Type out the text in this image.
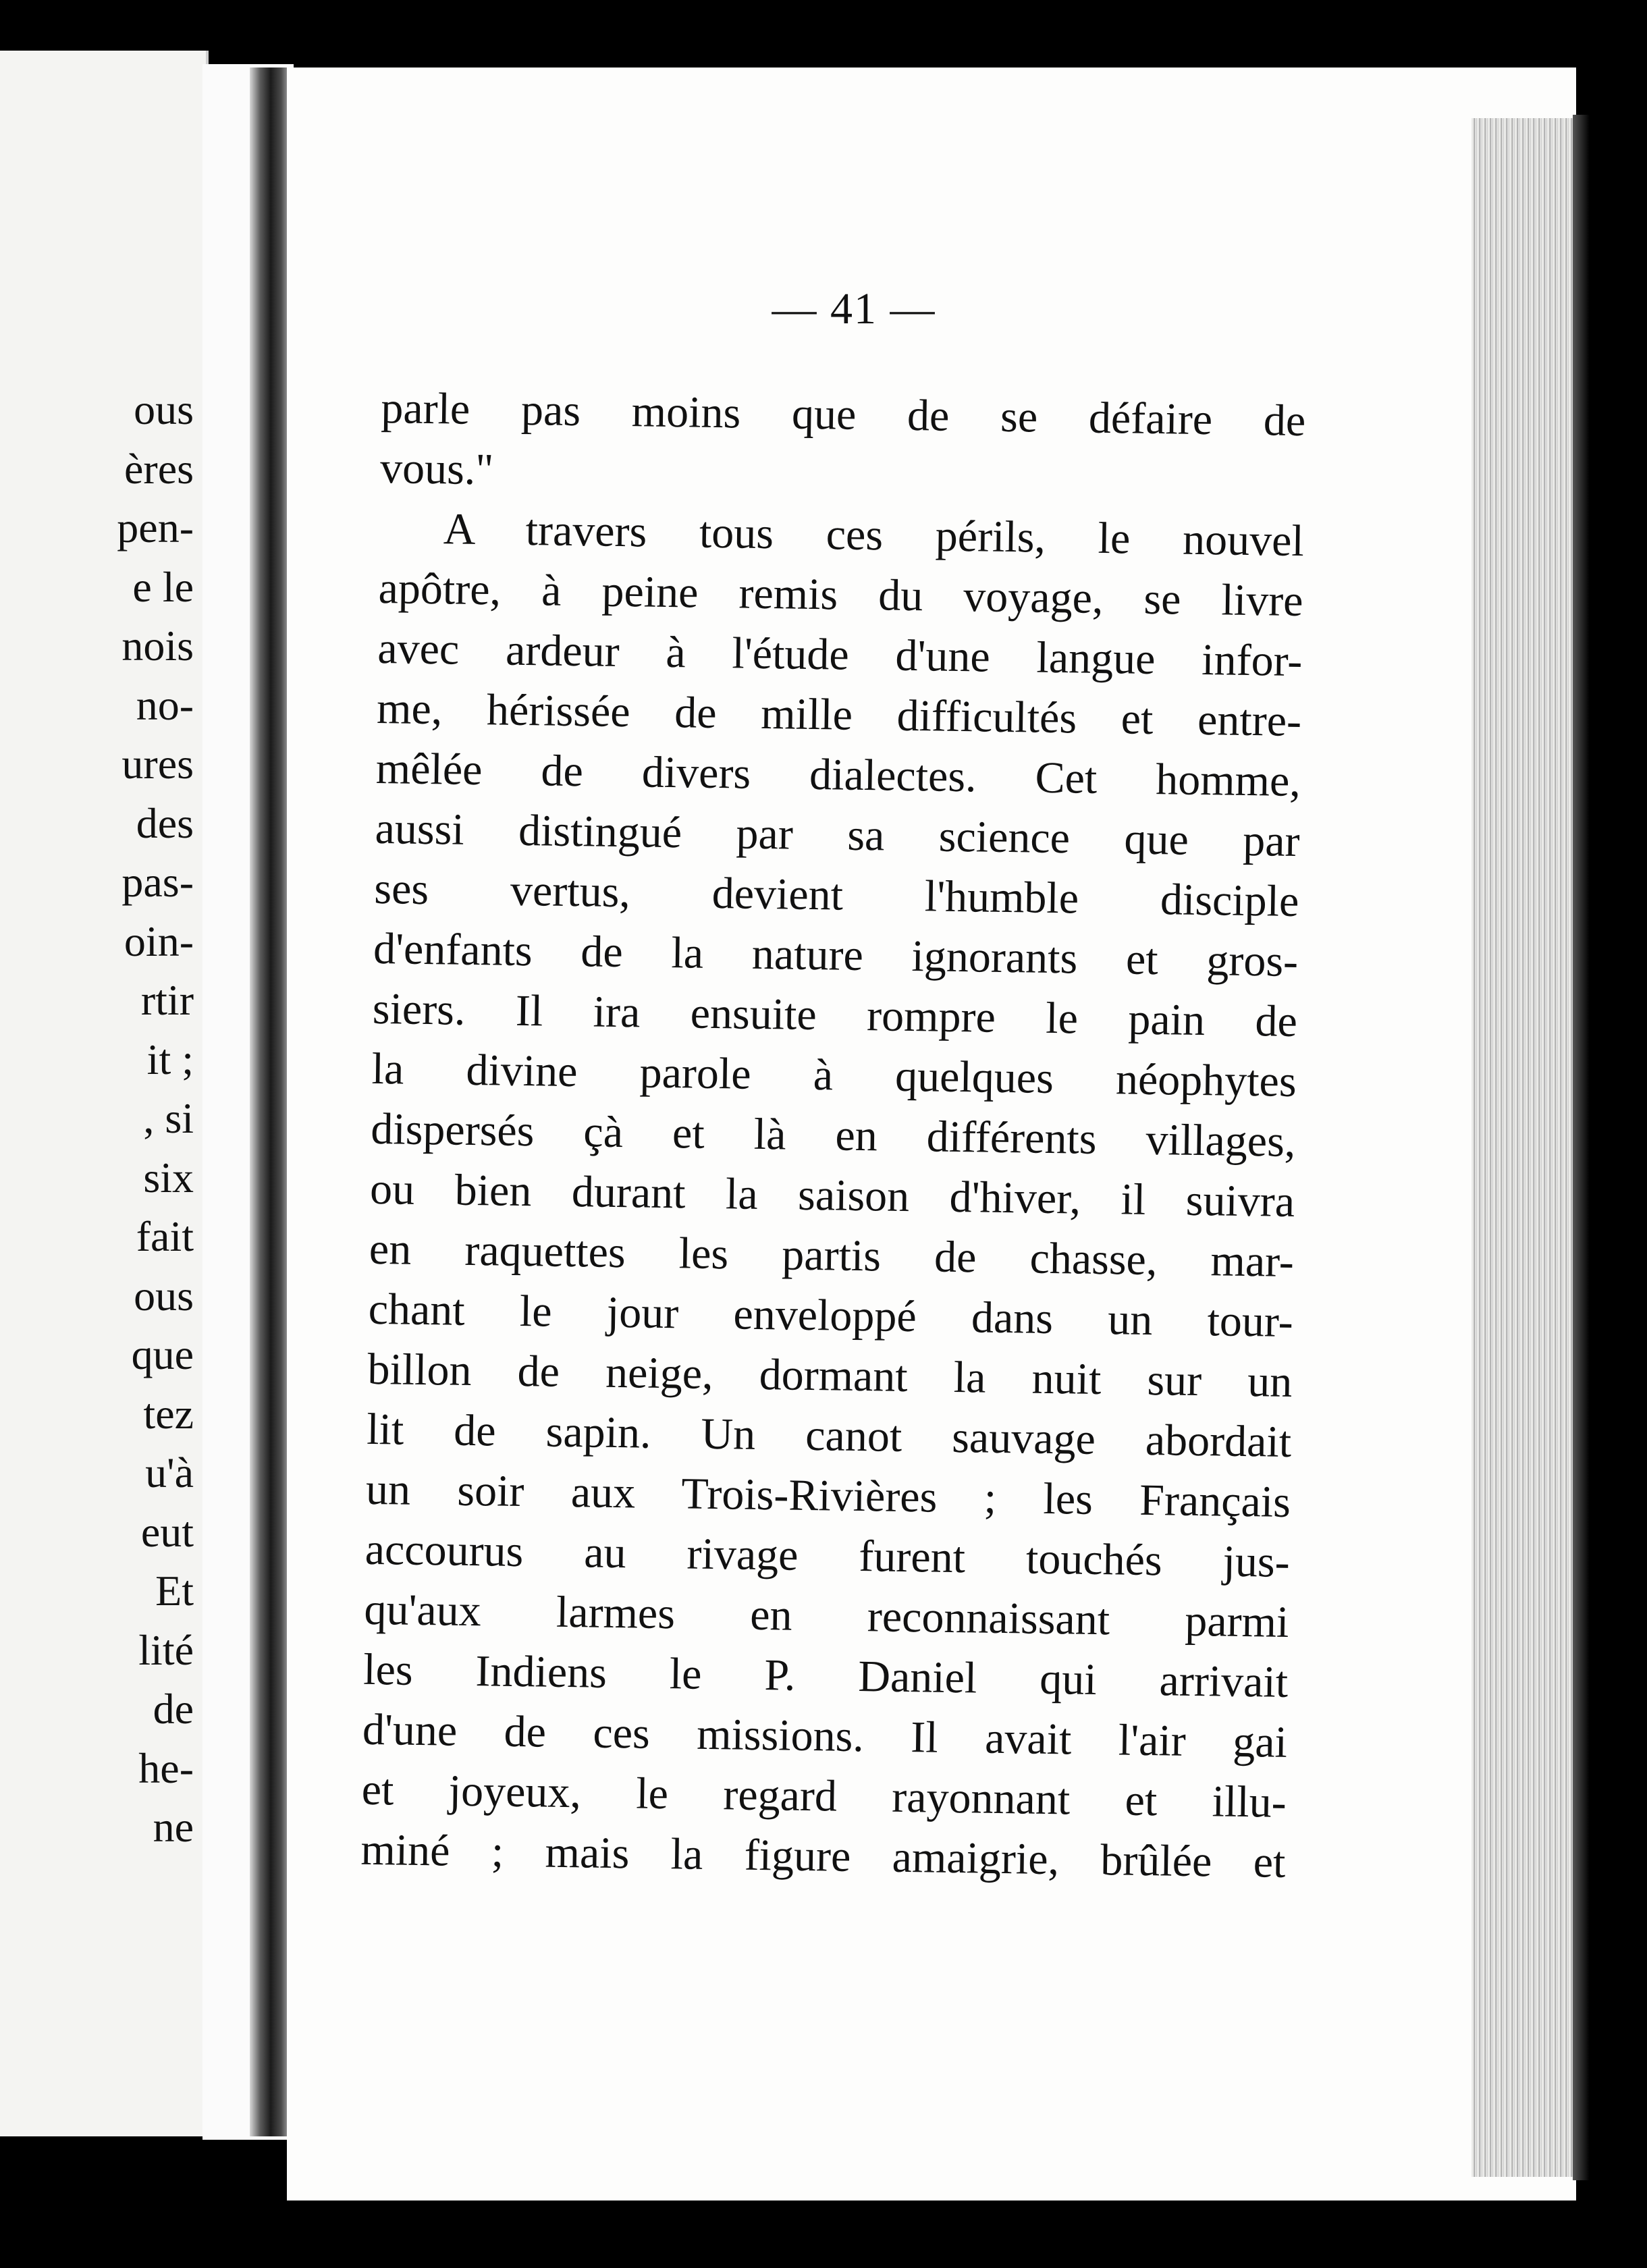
ous
ères
pen-
e le
nois
no-
ures
des
pas-
oin-
rtir
it ;
, si
six
fait
ous
que
tez
u'à
eut
Et
lité
de
he-
ne
— 41 —
parle pas moins que de se défaire de
vous."
A travers tous ces périls, le nouvel
apôtre, à peine remis du voyage, se livre
avec ardeur à l'étude d'une langue infor-
me, hérissée de mille difficultés et entre-
mêlée de divers dialectes. Cet homme,
aussi distingué par sa science que par
ses vertus, devient l'humble disciple
d'enfants de la nature ignorants et gros-
siers. Il ira ensuite rompre le pain de
la divine parole à quelques néophytes
dispersés çà et là en différents villages,
ou bien durant la saison d'hiver, il suivra
en raquettes les partis de chasse, mar-
chant le jour enveloppé dans un tour-
billon de neige, dormant la nuit sur un
lit de sapin. Un canot sauvage abordait
un soir aux Trois-Rivières ; les Français
accourus au rivage furent touchés jus-
qu'aux larmes en reconnaissant parmi
les Indiens le P. Daniel qui arrivait
d'une de ces missions. Il avait l'air gai
et joyeux, le regard rayonnant et illu-
miné ; mais la figure amaigrie, brûlée et
